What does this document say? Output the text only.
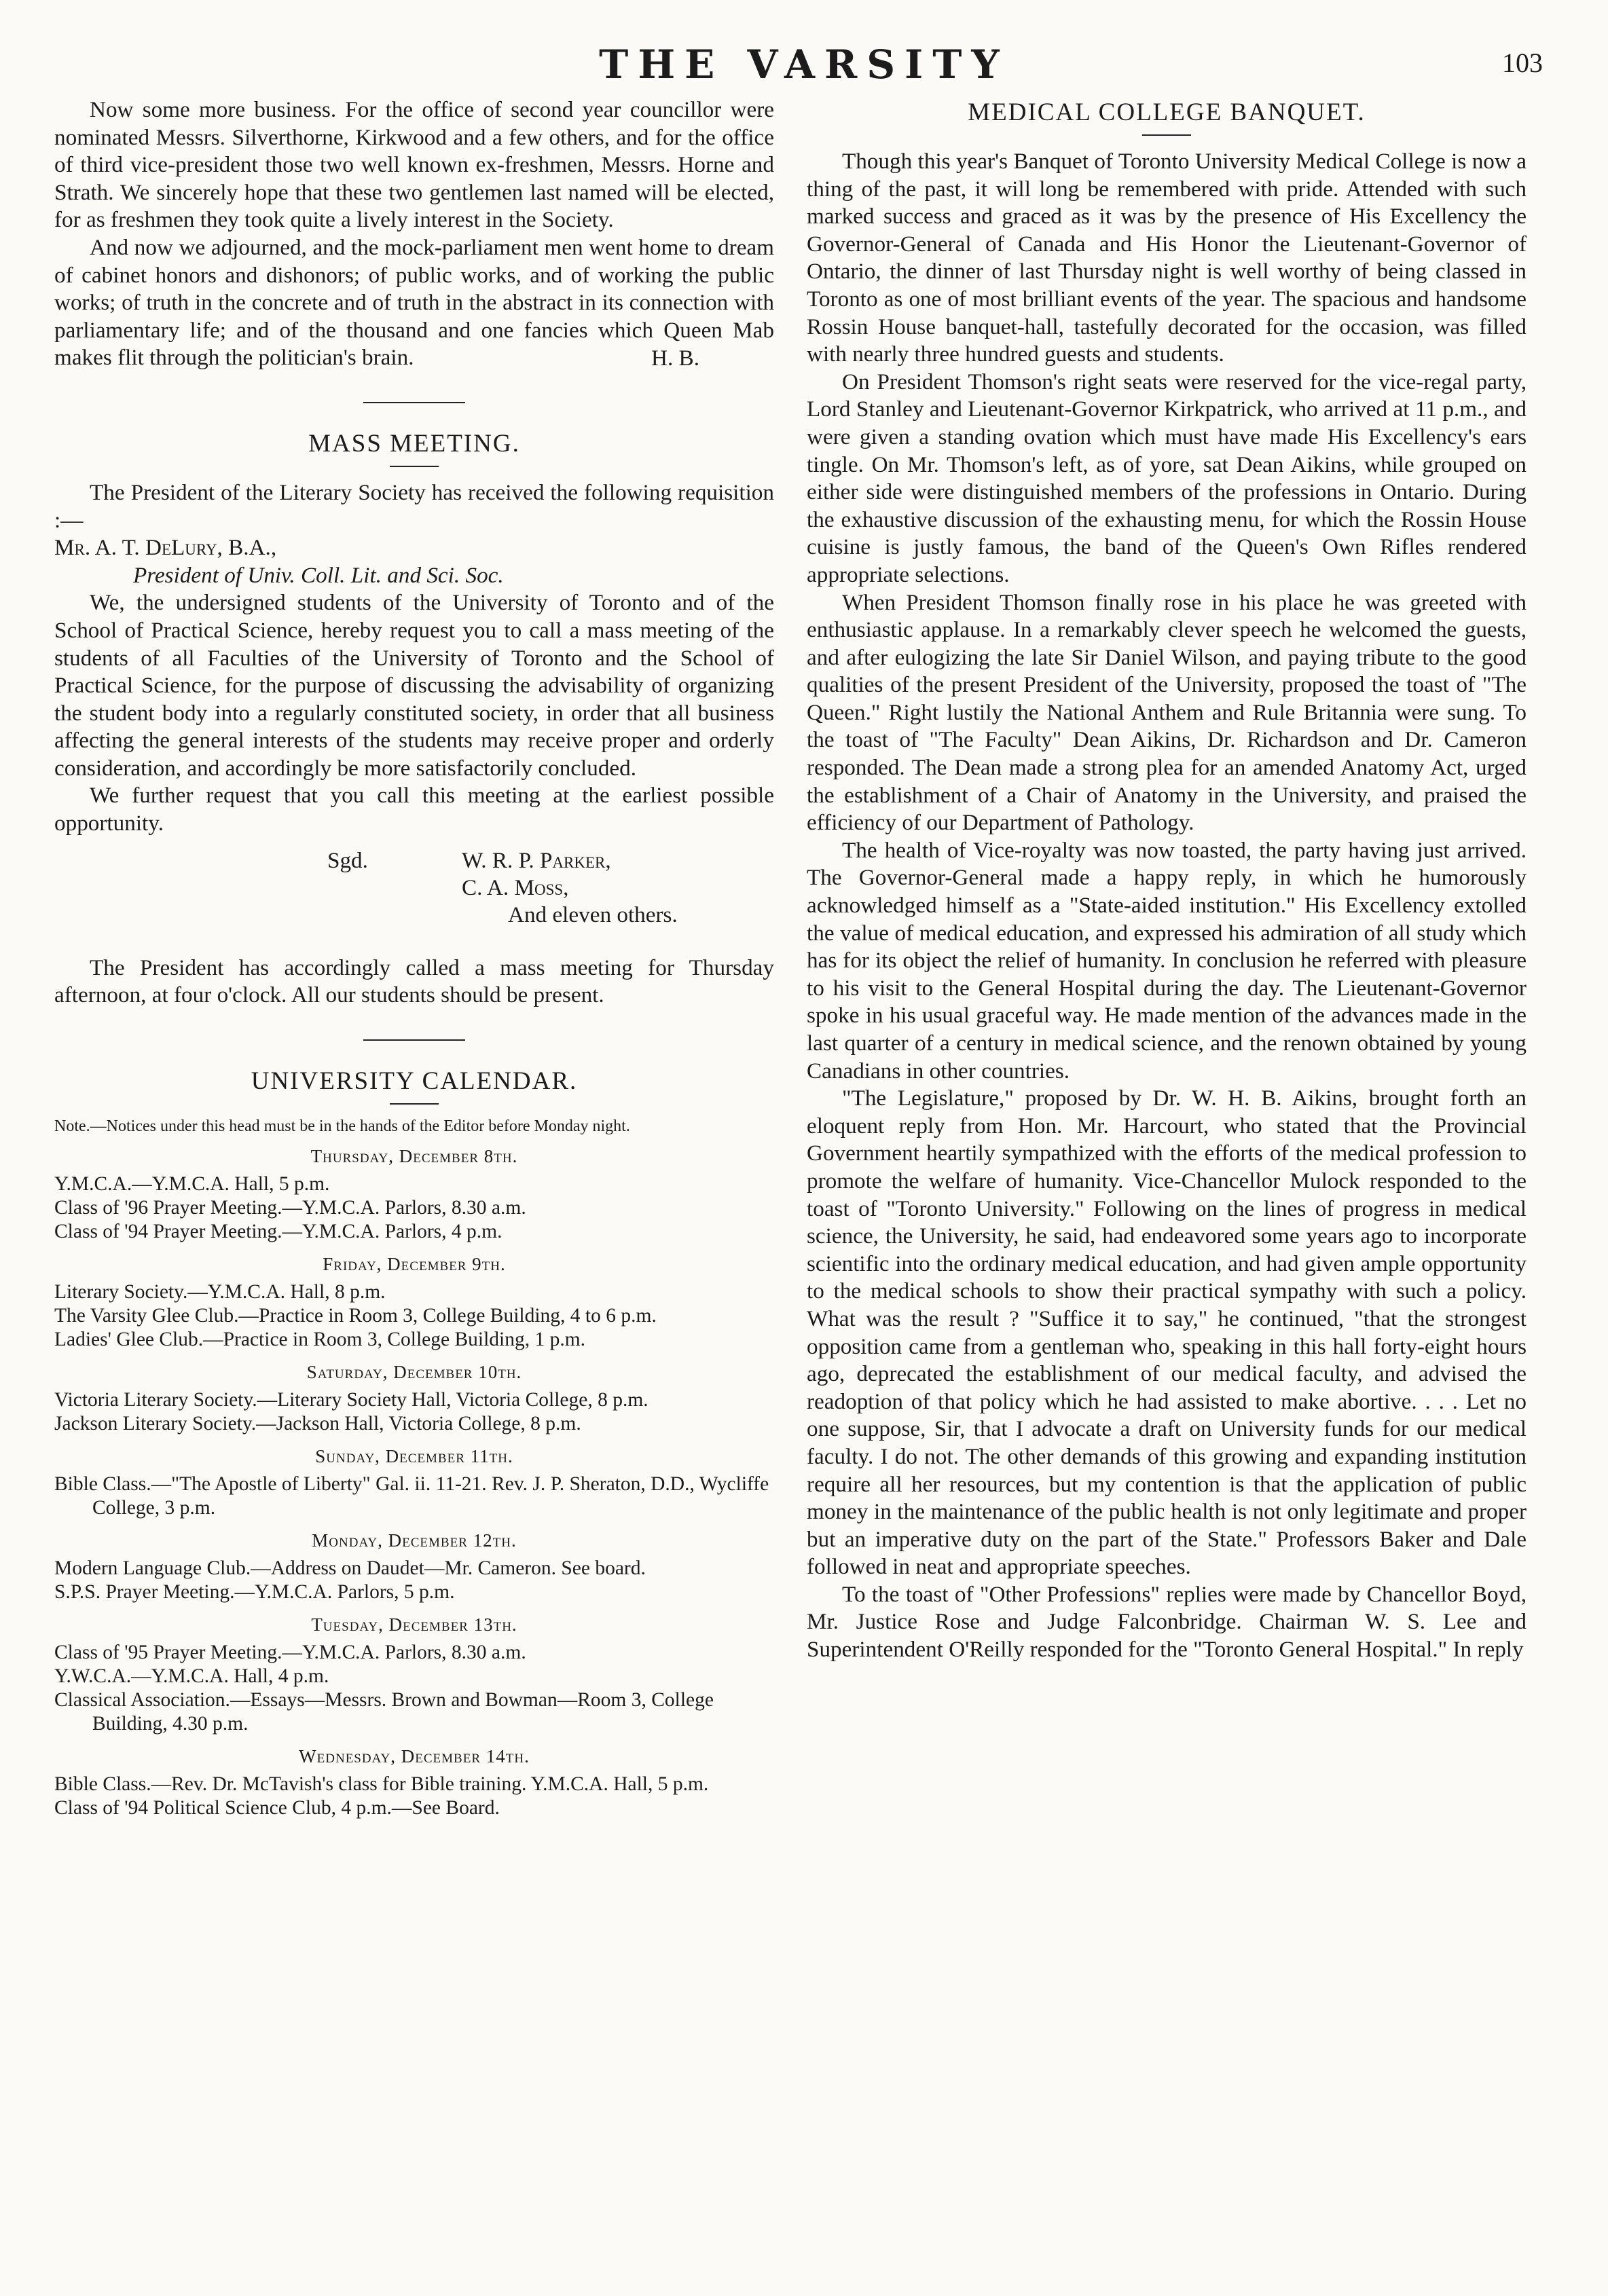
THE VARSITY	103

Now some more business. For the office of second year councillor were nominated Messrs. Silverthorne, Kirkwood and a few others, and for the office of third vice-president those two well known ex-freshmen, Messrs. Horne and Strath. We sincerely hope that these two gentlemen last named will be elected, for as freshmen they took quite a lively interest in the Society.

And now we adjourned, and the mock-parliament men went home to dream of cabinet honors and dishonors; of public works, and of working the public works; of truth in the concrete and of truth in the abstract in its connection with parliamentary life; and of the thousand and one fancies which Queen Mab makes flit through the politician's brain.	H. B.
MASS MEETING.

The President of the Literary Society has received the following requisition :—

Mr. A. T. DeLury, B.A.,
President of Univ. Coll. Lit. and Sci. Soc.

We, the undersigned students of the University of Toronto and of the School of Practical Science, hereby request you to call a mass meeting of the students of all Faculties of the University of Toronto and the School of Practical Science, for the purpose of discussing the advisability of organizing the student body into a regularly constituted society, in order that all business affecting the general interests of the students may receive proper and orderly consideration, and accordingly be more satisfactorily concluded.

We further request that you call this meeting at the earliest possible opportunity.

Sgd.	W. R. P. Parker,
C. A. Moss,
And eleven others.

The President has accordingly called a mass meeting for Thursday afternoon, at four o'clock. All our students should be present.

UNIVERSITY CALENDAR.

Note.—Notices under this head must be in the hands of the Editor before Monday night.

Thursday, December 8th.

Y.M.C.A.—Y.M.C.A. Hall, 5 p.m.

Class of '96 Prayer Meeting.—Y.M.C.A. Parlors, 8.30 a.m.

Class of '94 Prayer Meeting.—Y.M.C.A. Parlors, 4 p.m.

Friday, December 9th.

Literary Society.—Y.M.C.A. Hall, 8 p.m.

The Varsity Glee Club.—Practice in Room 3, College Building, 4 to 6 p.m.

Ladies' Glee Club.—Practice in Room 3, College Building, 1 p.m.

Saturday, December 10th.

Victoria Literary Society.—Literary Society Hall, Victoria College, 8 p.m.

Jackson Literary Society.—Jackson Hall, Victoria College, 8 p.m.

Sunday, December 11th.

Bible Class.—"The Apostle of Liberty" Gal. ii. 11-21. Rev. J. P. Sheraton, D.D., Wycliffe College, 3 p.m.

Monday, December 12th.

Modern Language Club.—Address on Daudet—Mr. Cameron. See board.

S.P.S. Prayer Meeting.—Y.M.C.A. Parlors, 5 p.m.

Tuesday, December 13th.

Class of '95 Prayer Meeting.—Y.M.C.A. Parlors, 8.30 a.m.

Y.W.C.A.—Y.M.C.A. Hall, 4 p.m.

Classical Association.—Essays—Messrs. Brown and Bowman—Room 3, College Building, 4.30 p.m.

Wednesday, December 14th.

Bible Class.—Rev. Dr. McTavish's class for Bible training. Y.M.C.A. Hall, 5 p.m.

Class of '94 Political Science Club, 4 p.m.—See Board.

MEDICAL COLLEGE BANQUET.

Though this year's Banquet of Toronto University Medical College is now a thing of the past, it will long be remembered with pride. Attended with such marked success and graced as it was by the presence of His Excellency the Governor-General of Canada and His Honor the Lieutenant-Governor of Ontario, the dinner of last Thursday night is well worthy of being classed in Toronto as one of most brilliant events of the year. The spacious and handsome Rossin House banquet-hall, tastefully decorated for the occasion, was filled with nearly three hundred guests and students.

On President Thomson's right seats were reserved for the vice-regal party, Lord Stanley and Lieutenant-Governor Kirkpatrick, who arrived at 11 p.m., and were given a standing ovation which must have made His Excellency's ears tingle. On Mr. Thomson's left, as of yore, sat Dean Aikins, while grouped on either side were distinguished members of the professions in Ontario. During the exhaustive discussion of the exhausting menu, for which the Rossin House cuisine is justly famous, the band of the Queen's Own Rifles rendered appropriate selections.

When President Thomson finally rose in his place he was greeted with enthusiastic applause. In a remarkably clever speech he welcomed the guests, and after eulogizing the late Sir Daniel Wilson, and paying tribute to the good qualities of the present President of the University, proposed the toast of "The Queen." Right lustily the National Anthem and Rule Britannia were sung. To the toast of "The Faculty" Dean Aikins, Dr. Richardson and Dr. Cameron responded. The Dean made a strong plea for an amended Anatomy Act, urged the establishment of a Chair of Anatomy in the University, and praised the efficiency of our Department of Pathology.

The health of Vice-royalty was now toasted, the party having just arrived. The Governor-General made a happy reply, in which he humorously acknowledged himself as a "State-aided institution." His Excellency extolled the value of medical education, and expressed his admiration of all study which has for its object the relief of humanity. In conclusion he referred with pleasure to his visit to the General Hospital during the day. The Lieutenant-Governor spoke in his usual graceful way. He made mention of the advances made in the last quarter of a century in medical science, and the renown obtained by young Canadians in other countries.

"The Legislature," proposed by Dr. W. H. B. Aikins, brought forth an eloquent reply from Hon. Mr. Harcourt, who stated that the Provincial Government heartily sympathized with the efforts of the medical profession to promote the welfare of humanity. Vice-Chancellor Mulock responded to the toast of "Toronto University." Following on the lines of progress in medical science, the University, he said, had endeavored some years ago to incorporate scientific into the ordinary medical education, and had given ample opportunity to the medical schools to show their practical sympathy with such a policy. What was the result ? "Suffice it to say," he continued, "that the strongest opposition came from a gentleman who, speaking in this hall forty-eight hours ago, deprecated the establishment of our medical faculty, and advised the readoption of that policy which he had assisted to make abortive. . . . Let no one suppose, Sir, that I advocate a draft on University funds for our medical faculty. I do not. The other demands of this growing and expanding institution require all her resources, but my contention is that the application of public money in the maintenance of the public health is not only legitimate and proper but an imperative duty on the part of the State." Professors Baker and Dale followed in neat and appropriate speeches.

To the toast of "Other Professions" replies were made by Chancellor Boyd, Mr. Justice Rose and Judge Falconbridge. Chairman W. S. Lee and Superintendent O'Reilly responded for the "Toronto General Hospital." In reply
